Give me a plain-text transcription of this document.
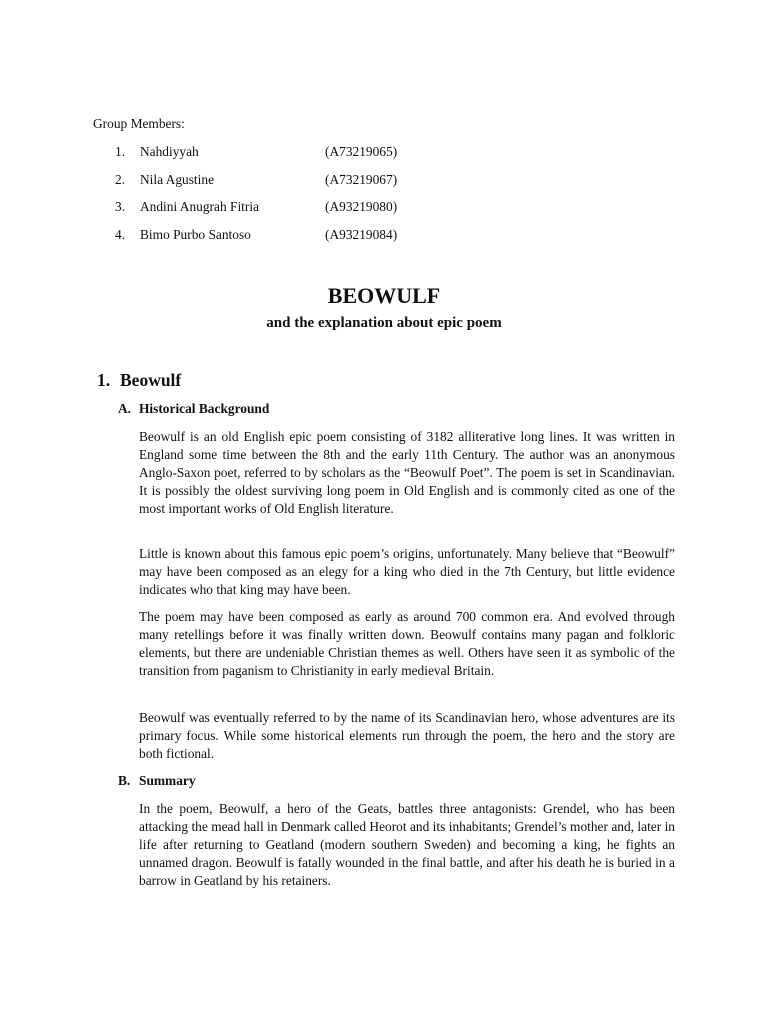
Group Members:
1. Nahdiyyah	(A73219065)
2. Nila Agustine	(A73219067)
3. Andini Anugrah Fitria	(A93219080)
4. Bimo Purbo Santoso	(A93219084)
BEOWULF
and the explanation about epic poem
1. Beowulf
A. Historical Background

Beowulf is an old English epic poem consisting of 3182 alliterative long lines. It was written in England some time between the 8th and the early 11th Century. The author was an anonymous Anglo-Saxon poet, referred to by scholars as the “Beowulf Poet”. The poem is set in Scandinavian. It is possibly the oldest surviving long poem in Old English and is commonly cited as one of the most important works of Old English literature.

Little is known about this famous epic poem’s origins, unfortunately. Many believe that “Beowulf” may have been composed as an elegy for a king who died in the 7th Century, but little evidence indicates who that king may have been.

The poem may have been composed as early as around 700 common era. And evolved through many retellings before it was finally written down. Beowulf contains many pagan and folkloric elements, but there are undeniable Christian themes as well. Others have seen it as symbolic of the transition from paganism to Christianity in early medieval Britain.

Beowulf was eventually referred to by the name of its Scandinavian hero, whose adventures are its primary focus. While some historical elements run through the poem, the hero and the story are both fictional.

B. Summary

In the poem, Beowulf, a hero of the Geats, battles three antagonists: Grendel, who has been attacking the mead hall in Denmark called Heorot and its inhabitants; Grendel’s mother and, later in life after returning to Geatland (modern southern Sweden) and becoming a king, he fights an unnamed dragon. Beowulf is fatally wounded in the final battle, and after his death he is buried in a barrow in Geatland by his retainers.
